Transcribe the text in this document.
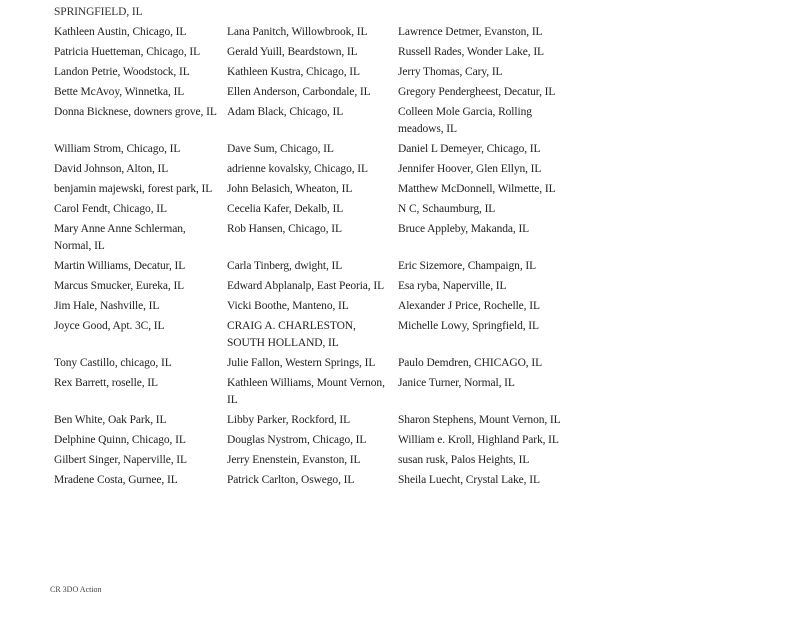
SPRINGFIELD, IL		
Kathleen Austin, Chicago, IL	Lana Panitch, Willowbrook, IL	Lawrence Detmer, Evanston, IL
Patricia Huetteman, Chicago, IL	Gerald Yuill, Beardstown, IL	Russell Rades, Wonder Lake, IL
Landon Petrie, Woodstock, IL	Kathleen Kustra, Chicago, IL	Jerry Thomas, Cary, IL
Bette McAvoy, Winnetka, IL	Ellen Anderson, Carbondale, IL	Gregory Pendergheest, Decatur, IL
Donna Bicknese, downers grove, IL	Adam Black, Chicago, IL	Colleen Mole Garcia, Rolling meadows, IL
William Strom, Chicago, IL	Dave Sum, Chicago, IL	Daniel L Demeyer, Chicago, IL
David Johnson, Alton, IL	adrienne kovalsky, Chicago, IL	Jennifer Hoover, Glen Ellyn, IL
benjamin majewski, forest park, IL	John Belasich, Wheaton, IL	Matthew McDonnell, Wilmette, IL
Carol Fendt, Chicago, IL	Cecelia Kafer, Dekalb, IL	N C, Schaumburg, IL
Mary Anne Anne Schlerman, Normal, IL	Rob Hansen, Chicago, IL	Bruce Appleby, Makanda, IL
Martin Williams, Decatur, IL	Carla Tinberg, dwight, IL	Eric Sizemore, Champaign, IL
Marcus Smucker, Eureka, IL	Edward Abplanalp, East Peoria, IL	Esa ryba, Naperville, IL
Jim Hale, Nashville, IL	Vicki Boothe, Manteno, IL	Alexander J Price, Rochelle, IL
Joyce Good, Apt. 3C, IL	CRAIG A. CHARLESTON, SOUTH HOLLAND, IL	Michelle Lowy, Springfield, IL
Tony Castillo, chicago, IL	Julie Fallon, Western Springs, IL	Paulo Demdren, CHICAGO, IL
Rex Barrett, roselle, IL	Kathleen Williams, Mount Vernon, IL	Janice Turner, Normal, IL
Ben White, Oak Park, IL	Libby Parker, Rockford, IL	Sharon Stephens, Mount Vernon, IL
Delphine Quinn, Chicago, IL	Douglas Nystrom, Chicago, IL	William e. Kroll, Highland Park, IL
Gilbert Singer, Naperville, IL	Jerry Enenstein, Evanston, IL	susan rusk, Palos Heights, IL
Mradene Costa, Gurnee, IL	Patrick Carlton, Oswego, IL	Sheila Luecht, Crystal Lake, IL
CR 3DO Action
